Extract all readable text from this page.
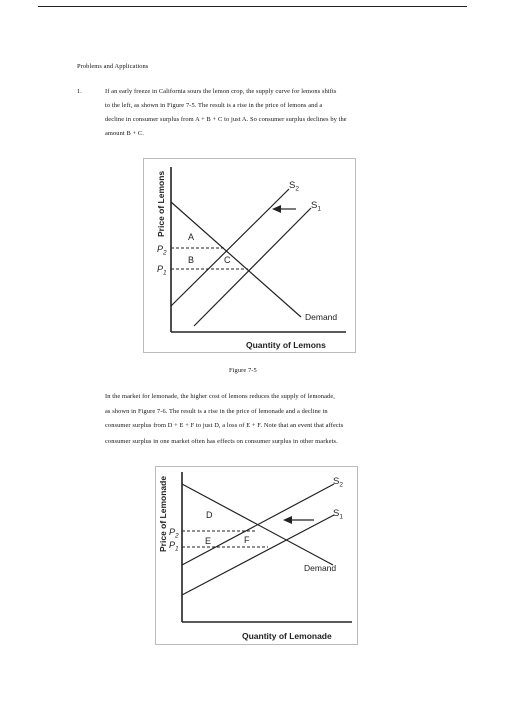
Problems and Applications
1.	If an early freeze in California sours the lemon crop, the supply curve for lemons shifts
to the left, as shown in Figure 7-5. The result is a rise in the price of lemons and a
decline in consumer surplus from A + B + C to just A. So consumer surplus declines by the
amount B + C.
$S_2$
$S_1$
$P_2$
$P_1$
A
B	C
Demand
Quantity of Lemons
Price of Lemons
Figure 7-5
In the market for lemonade, the higher cost of lemons reduces the supply of lemonade,
as shown in Figure 7-6. The result is a rise in the price of lemonade and a decline in
consumer surplus from D + E + F to just D, a loss of E + F. Note that an event that affects
consumer surplus in one market often has effects on consumer surplus in other markets.
$S_2$
$S_1$
$P_2$
$P_1$
D
E	F
Demand
Quantity of Lemonade
Price of Lemonade
